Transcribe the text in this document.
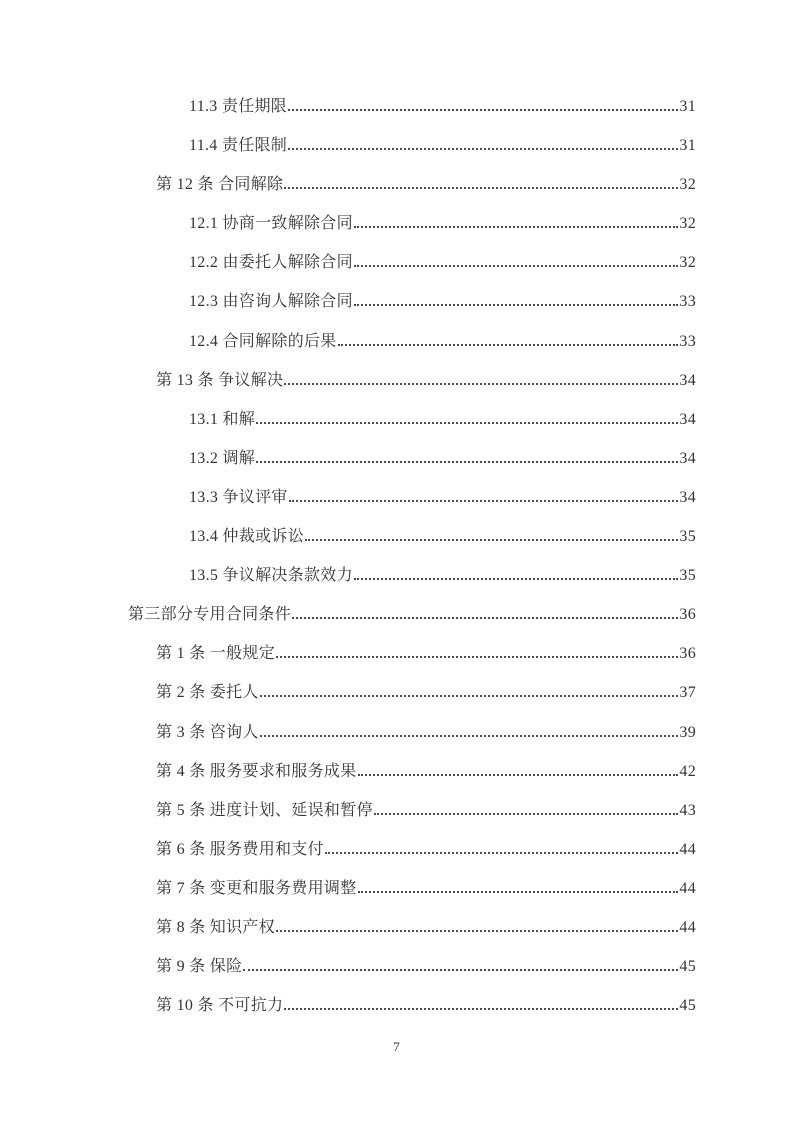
11.3 责任期限	31
11.4 责任限制	31
第 12 条 合同解除	32
12.1 协商一致解除合同	32
12.2 由委托人解除合同	32
12.3 由咨询人解除合同	33
12.4 合同解除的后果	33
第 13 条 争议解决	34
13.1 和解	34
13.2 调解	34
13.3 争议评审	34
13.4 仲裁或诉讼	35
13.5 争议解决条款效力	35
第三部分专用合同条件	36
第 1 条 一般规定	36
第 2 条 委托人	37
第 3 条 咨询人	39
第 4 条 服务要求和服务成果	42
第 5 条 进度计划、延误和暂停	43
第 6 条 服务费用和支付	44
第 7 条 变更和服务费用调整	44
第 8 条 知识产权	44
第 9 条 保险	45
第 10 条 不可抗力	45
7
